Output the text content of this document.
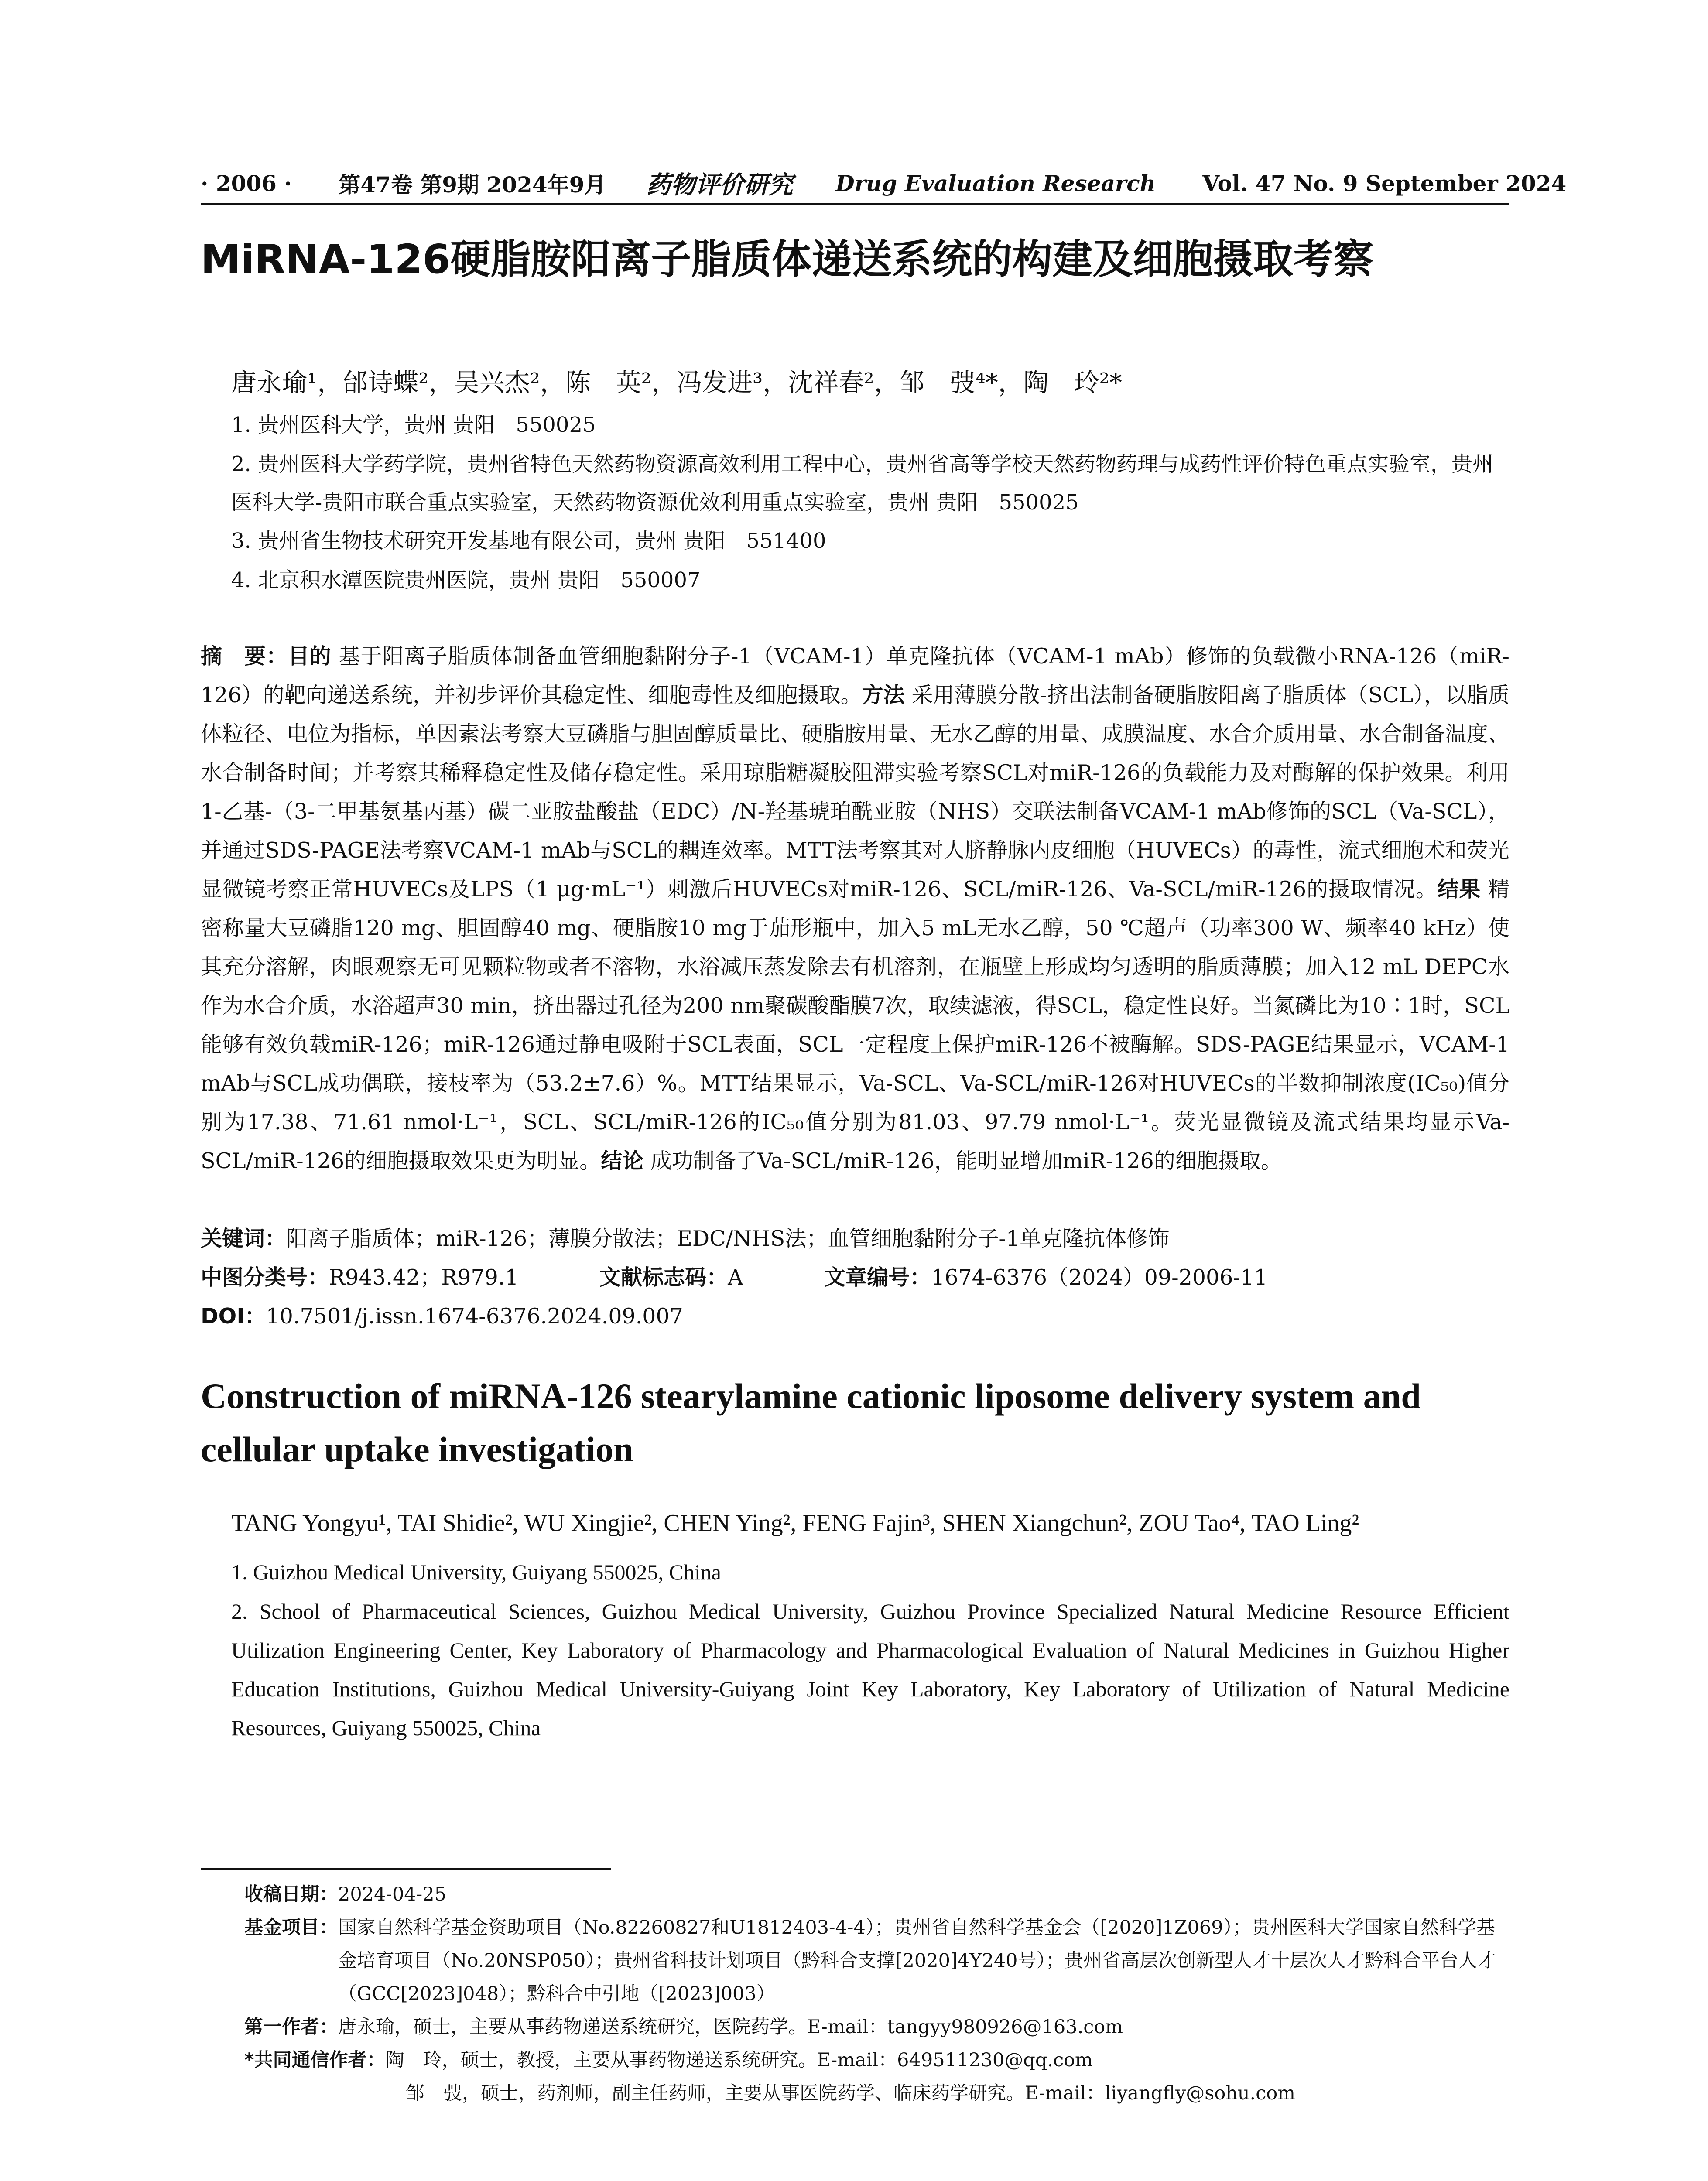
· 2006 · 第47卷 第9期 2024年9月 药物评价研究 Drug Evaluation Research Vol. 47 No. 9 September 2024
MiRNA-126硬脂胺阳离子脂质体递送系统的构建及细胞摄取考察
唐永瑜¹，邰诗蝶²，吴兴杰²，陈　英²，冯发进³，沈祥春²，邹　弢⁴*，陶　玲²*
1. 贵州医科大学，贵州 贵阳　550025
2. 贵州医科大学药学院，贵州省特色天然药物资源高效利用工程中心，贵州省高等学校天然药物药理与成药性评价特色重点实验室，贵州医科大学-贵阳市联合重点实验室，天然药物资源优效利用重点实验室，贵州 贵阳　550025
3. 贵州省生物技术研究开发基地有限公司，贵州 贵阳　551400
4. 北京积水潭医院贵州医院，贵州 贵阳　550007
摘　要：目的 基于阳离子脂质体制备血管细胞黏附分子-1（VCAM-1）单克隆抗体（VCAM-1 mAb）修饰的负载微小RNA-126（miR-126）的靶向递送系统，并初步评价其稳定性、细胞毒性及细胞摄取。方法 采用薄膜分散-挤出法制备硬脂胺阳离子脂质体（SCL），以脂质体粒径、电位为指标，单因素法考察大豆磷脂与胆固醇质量比、硬脂胺用量、无水乙醇的用量、成膜温度、水合介质用量、水合制备温度、水合制备时间；并考察其稀释稳定性及储存稳定性。采用琼脂糖凝胶阻滞实验考察SCL对miR-126的负载能力及对酶解的保护效果。利用1-乙基-（3-二甲基氨基丙基）碳二亚胺盐酸盐（EDC）/N-羟基琥珀酰亚胺（NHS）交联法制备VCAM-1 mAb修饰的SCL（Va-SCL），并通过SDS-PAGE法考察VCAM-1 mAb与SCL的耦连效率。MTT法考察其对人脐静脉内皮细胞（HUVECs）的毒性，流式细胞术和荧光显微镜考察正常HUVECs及LPS（1 μg·mL⁻¹）刺激后HUVECs对miR-126、SCL/miR-126、Va-SCL/miR-126的摄取情况。结果 精密称量大豆磷脂120 mg、胆固醇40 mg、硬脂胺10 mg于茄形瓶中，加入5 mL无水乙醇，50 ℃超声（功率300 W、频率40 kHz）使其充分溶解，肉眼观察无可见颗粒物或者不溶物，水浴减压蒸发除去有机溶剂，在瓶壁上形成均匀透明的脂质薄膜；加入12 mL DEPC水作为水合介质，水浴超声30 min，挤出器过孔径为200 nm聚碳酸酯膜7次，取续滤液，得SCL，稳定性良好。当氮磷比为10∶1时，SCL能够有效负载miR-126；miR-126通过静电吸附于SCL表面，SCL一定程度上保护miR-126不被酶解。SDS-PAGE结果显示，VCAM-1 mAb与SCL成功偶联，接枝率为（53.2±7.6）%。MTT结果显示，Va-SCL、Va-SCL/miR-126对HUVECs的半数抑制浓度(IC₅₀)值分别为17.38、71.61 nmol·L⁻¹，SCL、SCL/miR-126的IC₅₀值分别为81.03、97.79 nmol·L⁻¹。荧光显微镜及流式结果均显示Va-SCL/miR-126的细胞摄取效果更为明显。结论 成功制备了Va-SCL/miR-126，能明显增加miR-126的细胞摄取。
关键词：阳离子脂质体；miR-126；薄膜分散法；EDC/NHS法；血管细胞黏附分子-1单克隆抗体修饰
中图分类号：R943.42；R979.1	文献标志码：A	文章编号：1674-6376（2024）09-2006-11
DOI：10.7501/j.issn.1674-6376.2024.09.007
Construction of miRNA-126 stearylamine cationic liposome delivery system and cellular uptake investigation
TANG Yongyu¹, TAI Shidie², WU Xingjie², CHEN Ying², FENG Fajin³, SHEN Xiangchun², ZOU Tao⁴, TAO Ling²
1. Guizhou Medical University, Guiyang 550025, China
2. School of Pharmaceutical Sciences, Guizhou Medical University, Guizhou Province Specialized Natural Medicine Resource Efficient Utilization Engineering Center, Key Laboratory of Pharmacology and Pharmacological Evaluation of Natural Medicines in Guizhou Higher Education Institutions, Guizhou Medical University-Guiyang Joint Key Laboratory, Key Laboratory of Utilization of Natural Medicine Resources, Guiyang 550025, China
收稿日期： 2024-04-25
基金项目： 国家自然科学基金资助项目（No.82260827和U1812403-4-4）；贵州省自然科学基金会（[2020]1Z069）；贵州医科大学国家自然科学基金培育项目（No.20NSP050）；贵州省科技计划项目（黔科合支撑[2020]4Y240号）；贵州省高层次创新型人才十层次人才黔科合平台人才（GCC[2023]048）；黔科合中引地（[2023]003）
第一作者： 唐永瑜，硕士，主要从事药物递送系统研究，医院药学。E-mail：tangyy980926@163.com
*共同通信作者： 陶　玲，硕士，教授，主要从事药物递送系统研究。E-mail：649511230@qq.com
邹　弢，硕士，药剂师，副主任药师，主要从事医院药学、临床药学研究。E-mail：liyangfly@sohu.com
